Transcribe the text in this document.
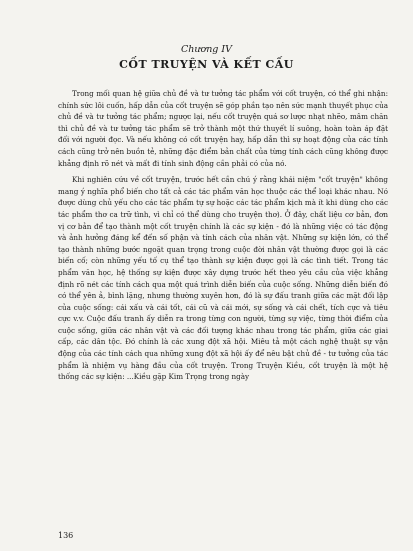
Chương IV
CỐT TRUYỆN VÀ KẾT CẤU

Trong mối quan hệ giữa chủ đề và tư tưởng tác phẩm với cốt truyện, có thể ghi nhận: chính sức lôi cuốn, hấp dẫn của cốt truyện sẽ góp phần tạo nên sức mạnh thuyết phục của chủ đề và tư tưởng tác phẩm; ngược lại, nếu cốt truyện quá sơ lược nhạt nhẽo, mâm chăn thì chủ đề và tư tưởng tác phẩm sẽ trở thành một thứ thuyết lí suông, hoàn toàn áp đặt đối với người đọc. Và nếu không có cốt truyện hay, hấp dẫn thì sự hoạt động của các tính cách cũng trở nên buồn tẻ, những đặc điểm bản chất của từng tính cách cũng không được khẳng định rõ nét và mất đi tính sinh động cần phải có của nó.

Khi nghiên cứu về cốt truyện, trước hết cần chú ý rằng khái niệm "cốt truyện" không mang ý nghĩa phổ biến cho tất cả các tác phẩm văn học thuộc các thể loại khác nhau. Nó được dùng chủ yếu cho các tác phẩm tự sự hoặc các tác phẩm kịch mà ít khi dùng cho các tác phẩm thơ ca trữ tình, vì chỉ có thể dùng cho truyện thơ). Ở đây, chất liệu cơ bản, đơn vị cơ bản để tạo thành một cốt truyện chính là các sự kiện - đó là những việc có tác động và ảnh hưởng đáng kể đến số phận và tính cách của nhân vật. Những sự kiện lớn, có thể tạo thành những bước ngoặt quan trọng trong cuộc đời nhân vật thường được gọi là các biến cố; còn những yếu tố cụ thể tạo thành sự kiện được gọi là các tình tiết. Trong tác phẩm văn học, hệ thống sự kiện được xây dựng trước hết theo yêu cầu của việc khẳng định rõ nét các tính cách qua một quá trình diễn biến của cuộc sống. Những diễn biến đó có thể yên ả, bình lặng, nhưng thường xuyên hơn, đó là sự đấu tranh giữa các mặt đối lập của cuộc sống: cái xấu và cái tốt, cái cũ và cái mới, sự sống và cái chết, tích cực và tiêu cực v.v. Cuộc đấu tranh ấy diễn ra trong từng con người, từng sự việc, từng thời điểm của cuộc sống, giữa các nhân vật và các đối tượng khác nhau trong tác phẩm, giữa các giai cấp, các dân tộc. Đó chính là các xung đột xã hội. Miêu tả một cách nghệ thuật sự vận động của các tính cách qua những xung đột xã hội ấy để nêu bật chủ đề - tư tưởng của tác phẩm là nhiệm vụ hàng đầu của cốt truyện. Trong Truyện Kiều, cốt truyện là một hệ thống các sự kiện: ...Kiều gặp Kim Trọng trong ngày

136
